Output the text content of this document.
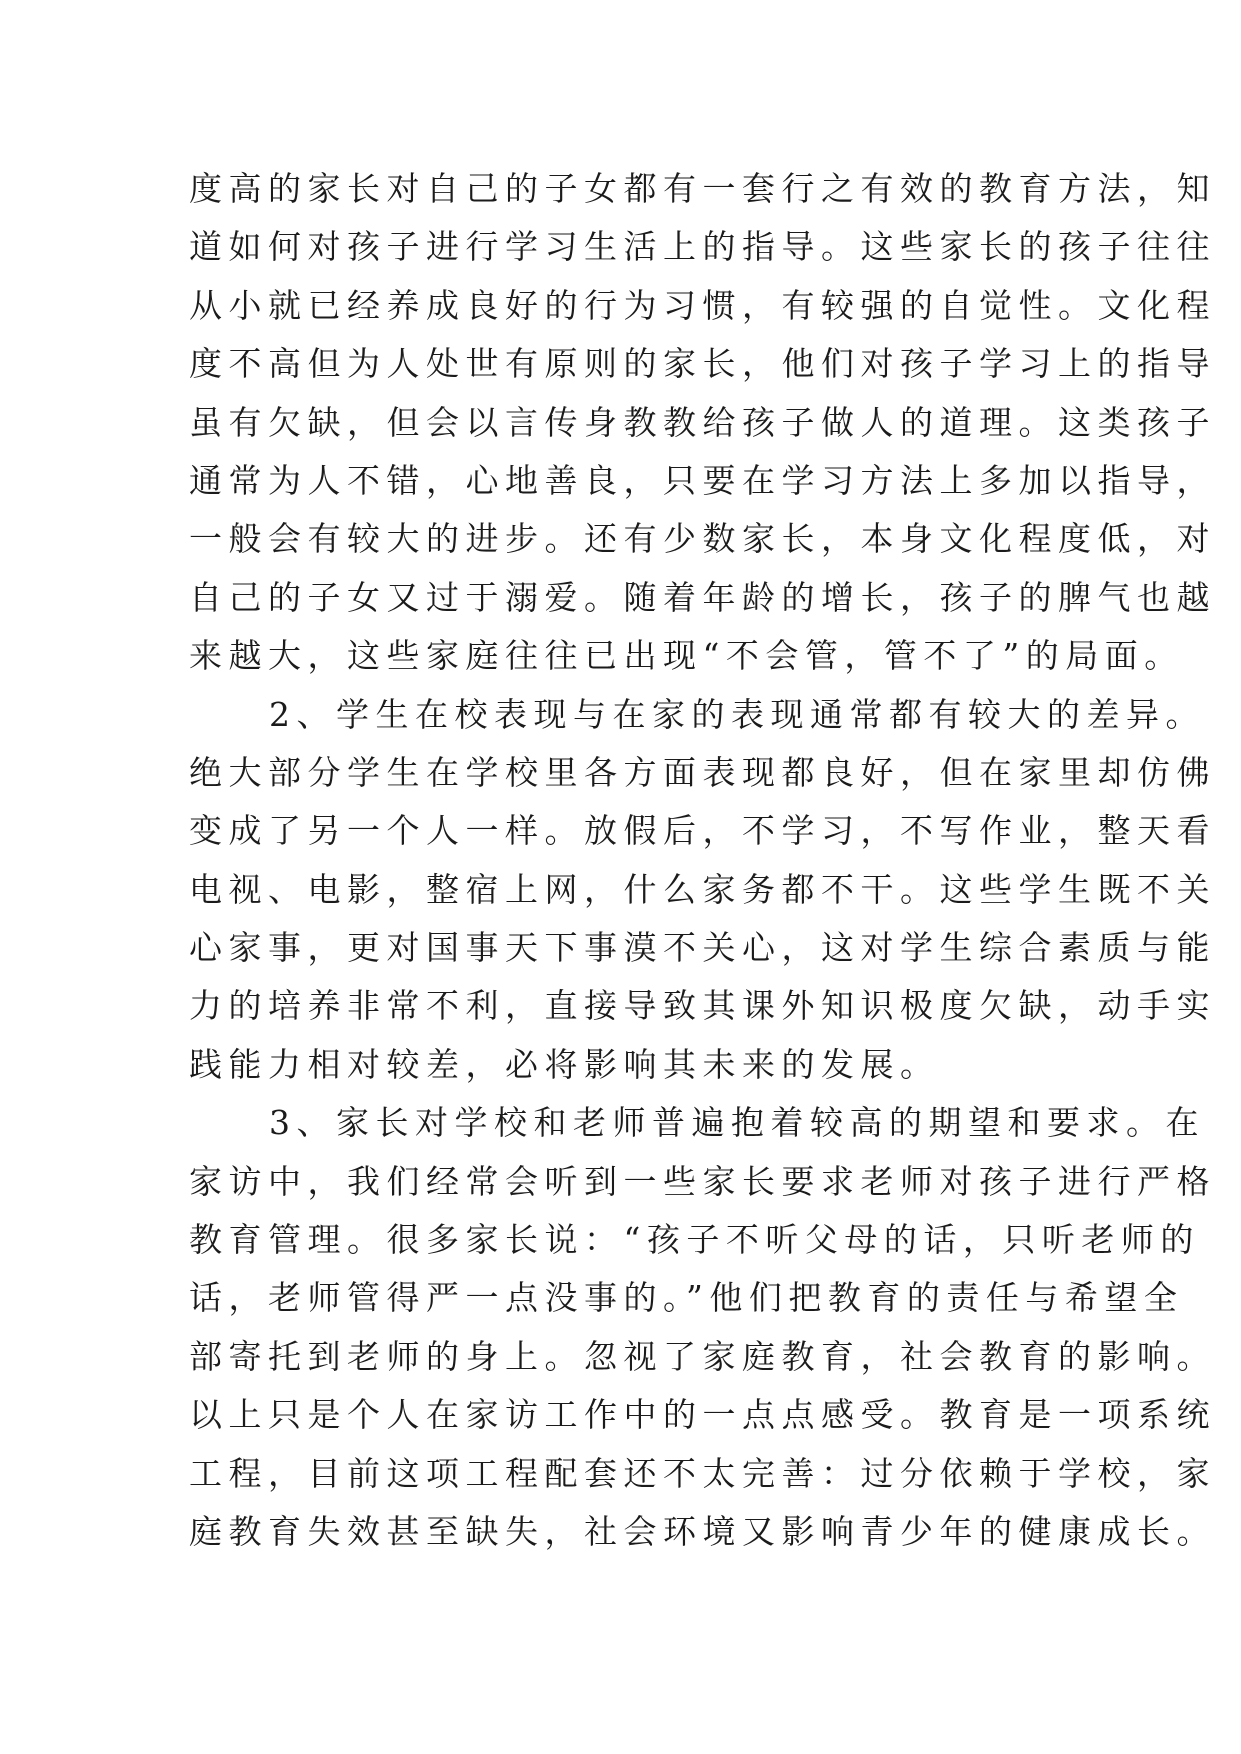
度高的家长对自己的子女都有一套行之有效的教育方法，知
道如何对孩子进行学习生活上的指导。这些家长的孩子往往
从小就已经养成良好的行为习惯，有较强的自觉性。文化程
度不高但为人处世有原则的家长，他们对孩子学习上的指导
虽有欠缺，但会以言传身教教给孩子做人的道理。这类孩子
通常为人不错，心地善良，只要在学习方法上多加以指导，
一般会有较大的进步。还有少数家长，本身文化程度低，对
自己的子女又过于溺爱。随着年龄的增长，孩子的脾气也越
来越大，这些家庭往往已出现“不会管，管不了”的局面。
2、学生在校表现与在家的表现通常都有较大的差异。
绝大部分学生在学校里各方面表现都良好，但在家里却仿佛
变成了另一个人一样。放假后，不学习，不写作业，整天看
电视、电影，整宿上网，什么家务都不干。这些学生既不关
心家事，更对国事天下事漠不关心，这对学生综合素质与能
力的培养非常不利，直接导致其课外知识极度欠缺，动手实
践能力相对较差，必将影响其未来的发展。
3、家长对学校和老师普遍抱着较高的期望和要求。在
家访中，我们经常会听到一些家长要求老师对孩子进行严格
教育管理。很多家长说：“孩子不听父母的话，只听老师的
话，老师管得严一点没事的。”他们把教育的责任与希望全
部寄托到老师的身上。忽视了家庭教育，社会教育的影响。
以上只是个人在家访工作中的一点点感受。教育是一项系统
工程，目前这项工程配套还不太完善：过分依赖于学校，家
庭教育失效甚至缺失，社会环境又影响青少年的健康成长。
